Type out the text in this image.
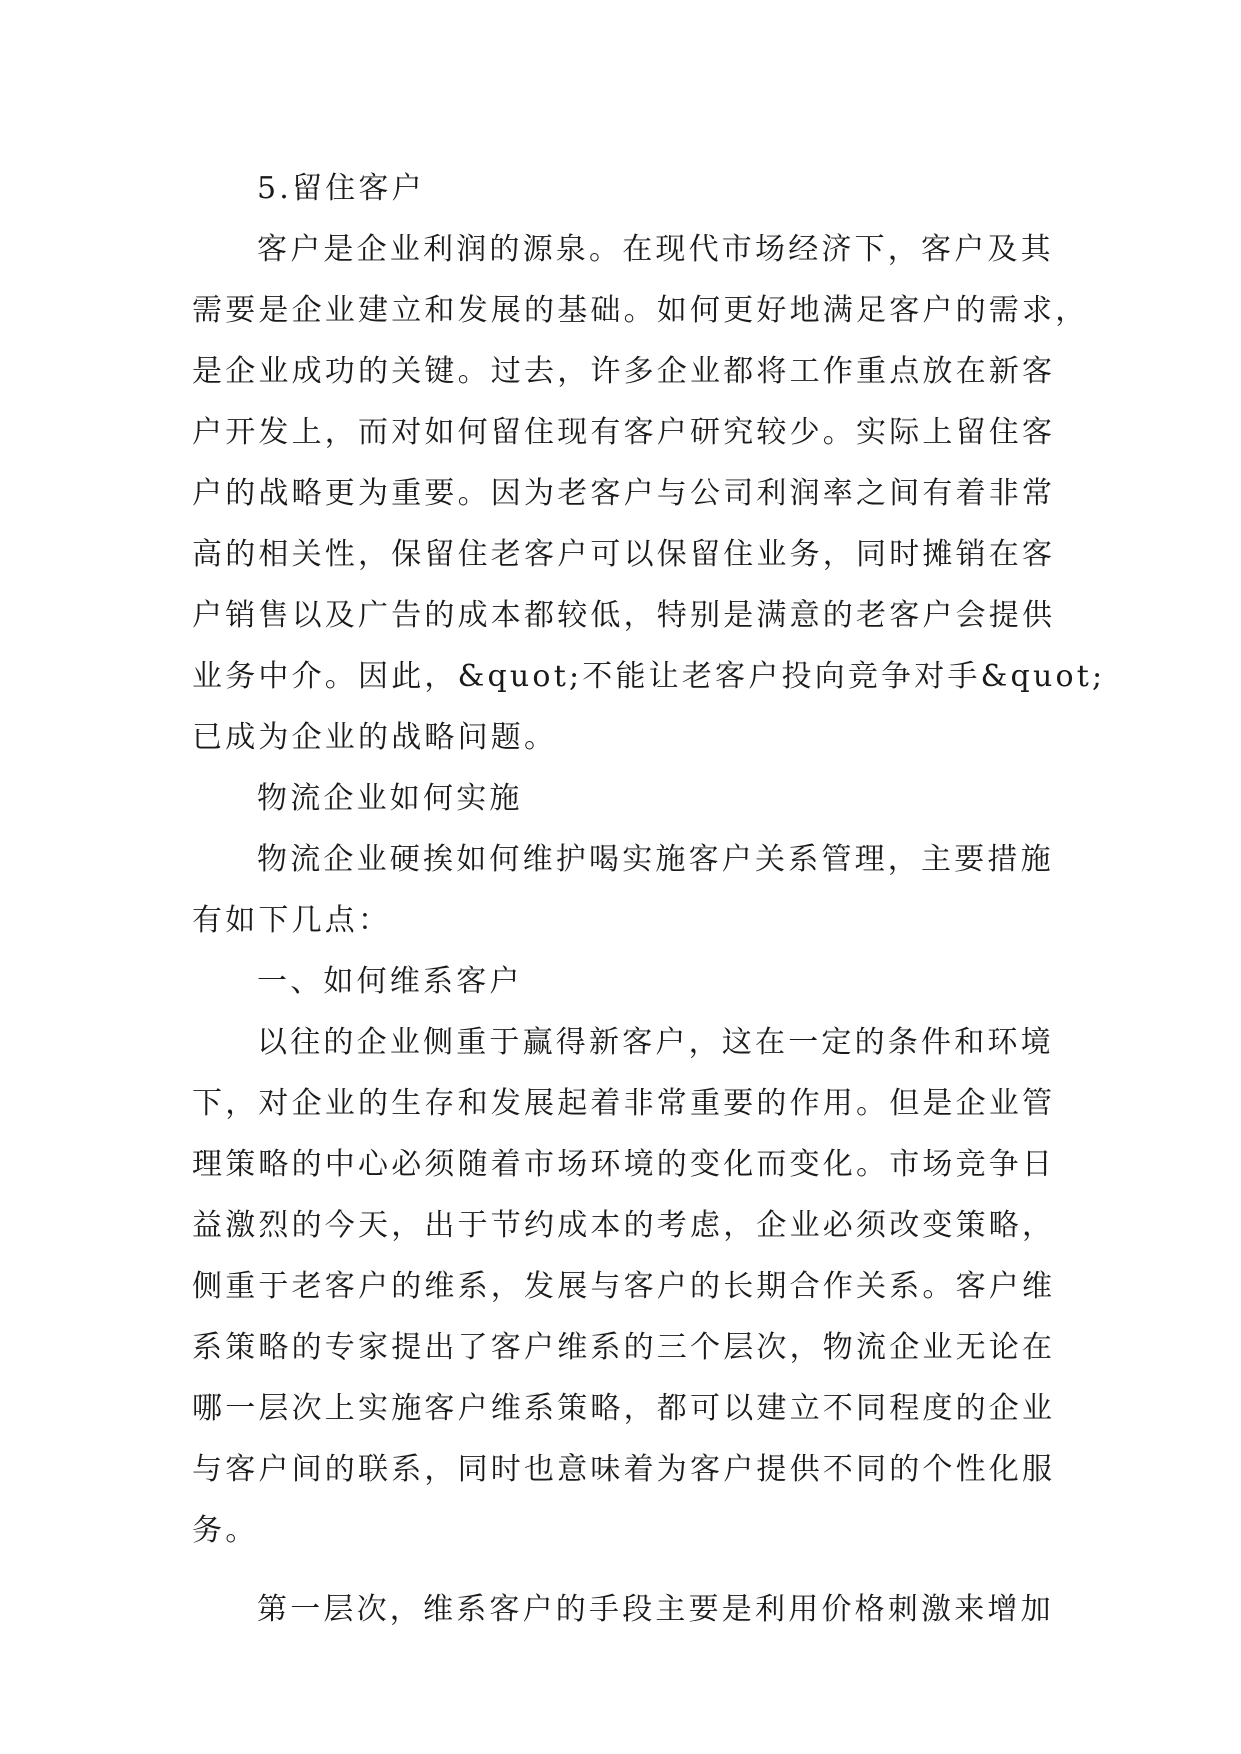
5.留住客户
客户是企业利润的源泉。在现代市场经济下，客户及其
需要是企业建立和发展的基础。如何更好地满足客户的需求，
是企业成功的关键。过去，许多企业都将工作重点放在新客
户开发上，而对如何留住现有客户研究较少。实际上留住客
户的战略更为重要。因为老客户与公司利润率之间有着非常
高的相关性，保留住老客户可以保留住业务，同时摊销在客
户销售以及广告的成本都较低，特别是满意的老客户会提供
业务中介。因此，&quot;不能让老客户投向竞争对手&quot;
已成为企业的战略问题。
物流企业如何实施
物流企业硬挨如何维护喝实施客户关系管理，主要措施
有如下几点：
一、如何维系客户
以往的企业侧重于赢得新客户，这在一定的条件和环境
下，对企业的生存和发展起着非常重要的作用。但是企业管
理策略的中心必须随着市场环境的变化而变化。市场竞争日
益激烈的今天，出于节约成本的考虑，企业必须改变策略，
侧重于老客户的维系，发展与客户的长期合作关系。客户维
系策略的专家提出了客户维系的三个层次，物流企业无论在
哪一层次上实施客户维系策略，都可以建立不同程度的企业
与客户间的联系，同时也意味着为客户提供不同的个性化服
务。
第一层次，维系客户的手段主要是利用价格刺激来增加
